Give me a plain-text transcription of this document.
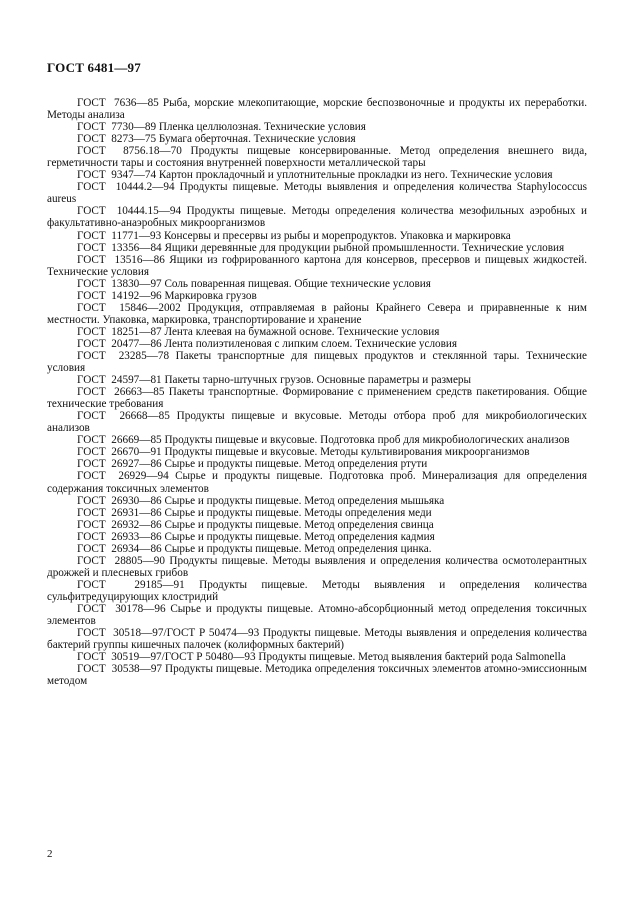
ГОСТ 6481—97

ГОСТ  7636—85 Рыба, морские млекопитающие, морские беспозвоночные и продукты их переработки. Методы анализа

ГОСТ  7730—89 Пленка целлюлозная. Технические условия

ГОСТ  8273—75 Бумага оберточная. Технические условия

ГОСТ  8756.18—70 Продукты пищевые консервированные. Метод определения внешнего вида, герметичности тары и состояния внутренней поверхности металлической тары

ГОСТ  9347—74 Картон прокладочный и уплотнительные прокладки из него. Технические условия

ГОСТ  10444.2—94 Продукты пищевые. Методы выявления и определения количества Staphylococcus aureus

ГОСТ  10444.15—94 Продукты пищевые. Методы определения количества мезофильных аэробных и факультативно-анаэробных микроорганизмов

ГОСТ  11771—93 Консервы и пресервы из рыбы и морепродуктов. Упаковка и маркировка

ГОСТ  13356—84 Ящики деревянные для продукции рыбной промышленности. Технические условия

ГОСТ  13516—86 Ящики из гофрированного картона для консервов, пресервов и пищевых жидкостей. Технические условия

ГОСТ  13830—97 Соль поваренная пищевая. Общие технические условия

ГОСТ  14192—96 Маркировка грузов

ГОСТ  15846—2002 Продукция, отправляемая в районы Крайнего Севера и приравненные к ним местности. Упаковка, маркировка, транспортирование и хранение

ГОСТ  18251—87 Лента клеевая на бумажной основе. Технические условия

ГОСТ  20477—86 Лента полиэтиленовая с липким слоем. Технические условия

ГОСТ  23285—78 Пакеты транспортные для пищевых продуктов и стеклянной тары. Технические условия

ГОСТ  24597—81 Пакеты тарно-штучных грузов. Основные параметры и размеры

ГОСТ  26663—85 Пакеты транспортные. Формирование с применением средств пакетирования. Общие технические требования

ГОСТ  26668—85 Продукты пищевые и вкусовые. Методы отбора проб для микробиологических анализов

ГОСТ  26669—85 Продукты пищевые и вкусовые. Подготовка проб для микробиологических анализов

ГОСТ  26670—91 Продукты пищевые и вкусовые. Методы культивирования микроорганизмов

ГОСТ  26927—86 Сырье и продукты пищевые. Метод определения ртути

ГОСТ  26929—94 Сырье и продукты пищевые. Подготовка проб. Минерализация для определения содержания токсичных элементов

ГОСТ  26930—86 Сырье и продукты пищевые. Метод определения мышьяка

ГОСТ  26931—86 Сырье и продукты пищевые. Методы определения меди

ГОСТ  26932—86 Сырье и продукты пищевые. Метод определения свинца

ГОСТ  26933—86 Сырье и продукты пищевые. Метод определения кадмия

ГОСТ  26934—86 Сырье и продукты пищевые. Метод определения цинка.

ГОСТ  28805—90 Продукты пищевые. Методы выявления и определения количества осмотолерантных дрожжей и плесневых грибов

ГОСТ  29185—91 Продукты пищевые. Методы выявления и определения количества сульфитредуцирующих клостридий

ГОСТ  30178—96 Сырье и продукты пищевые. Атомно-абсорбционный метод определения токсичных элементов

ГОСТ  30518—97/ГОСТ Р 50474—93 Продукты пищевые. Методы выявления и определения количества бактерий группы кишечных палочек (колиформных бактерий)

ГОСТ  30519—97/ГОСТ Р 50480—93 Продукты пищевые. Метод выявления бактерий рода Salmonella

ГОСТ  30538—97 Продукты пищевые. Методика определения токсичных элементов атомно-эмиссионным методом

2
